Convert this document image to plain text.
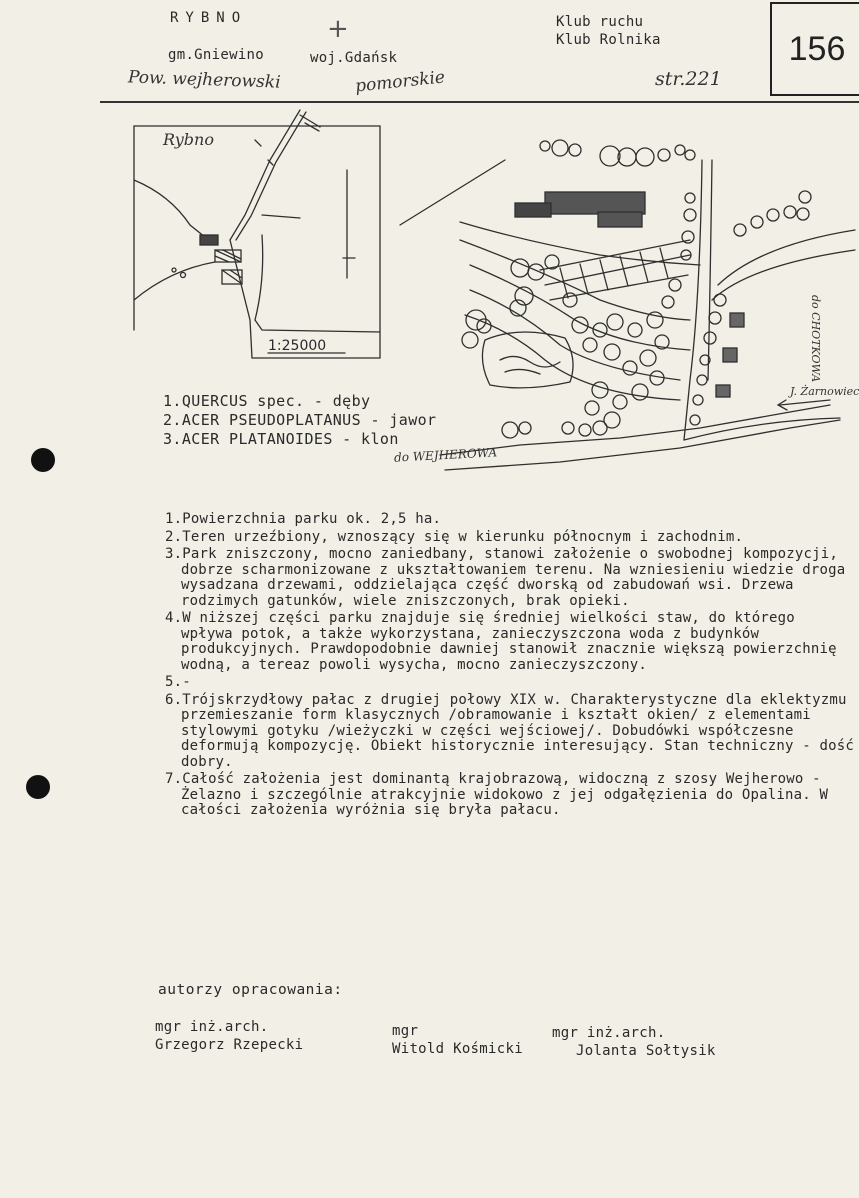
RYBNO
gm.Gniewino	woj.Gdańsk
Pow. wejherowski	pomorskie
+	Klub ruchu
Klub Rolnika
str.221
156
Rybno
1:25000	do CHOTKOWA
J. Żarnowiec
do WEJHEROWA
1.QUERCUS spec. - dęby
2.ACER PSEUDOPLATANUS - jawor
3.ACER PLATANOIDES - klon
1.Powierzchnia parku ok. 2,5 ha.
2.Teren urzeźbiony, wznoszący się w kierunku północnym i zachodnim.
3.Park zniszczony, mocno zaniedbany, stanowi założenie o swobodnej kompozycji, dobrze scharmonizowane z ukształtowaniem terenu. Na wzniesieniu wiedzie droga wysadzana drzewami, oddzielająca część dworską od zabudowań wsi. Drzewa rodzimych gatunków, wiele zniszczonych, brak opieki.
4.W niższej części parku znajduje się średniej wielkości staw, do którego wpływa potok, a także wykorzystana, zanieczyszczona woda z budynków produkcyjnych. Prawdopodobnie dawniej stanowił znacznie większą powierzchnię wodną, a tereaz powoli wysycha, mocno zanieczyszczony.
5.-
6.Trójskrzydłowy pałac z drugiej połowy XIX w. Charakterystyczne dla eklektyzmu przemieszanie form klasycznych /obramowanie i kształt okien/ z elementami stylowymi gotyku /wieżyczki w części wejściowej/. Dobudówki współczesne deformują kompozycję. Obiekt historycznie interesujący. Stan techniczny - dość dobry.
7.Całość założenia jest dominantą krajobrazową, widoczną z szosy Wejherowo - Żelazno i szczególnie atrakcyjnie widokowo z jej odgałęzienia do Opalina. W całości założenia wyróżnia się bryła pałacu.
autorzy opracowania:
mgr inż.arch.
Grzegorz Rzepecki
mgr
Witold Kośmicki
mgr inż.arch.
Jolanta Sołtysik
